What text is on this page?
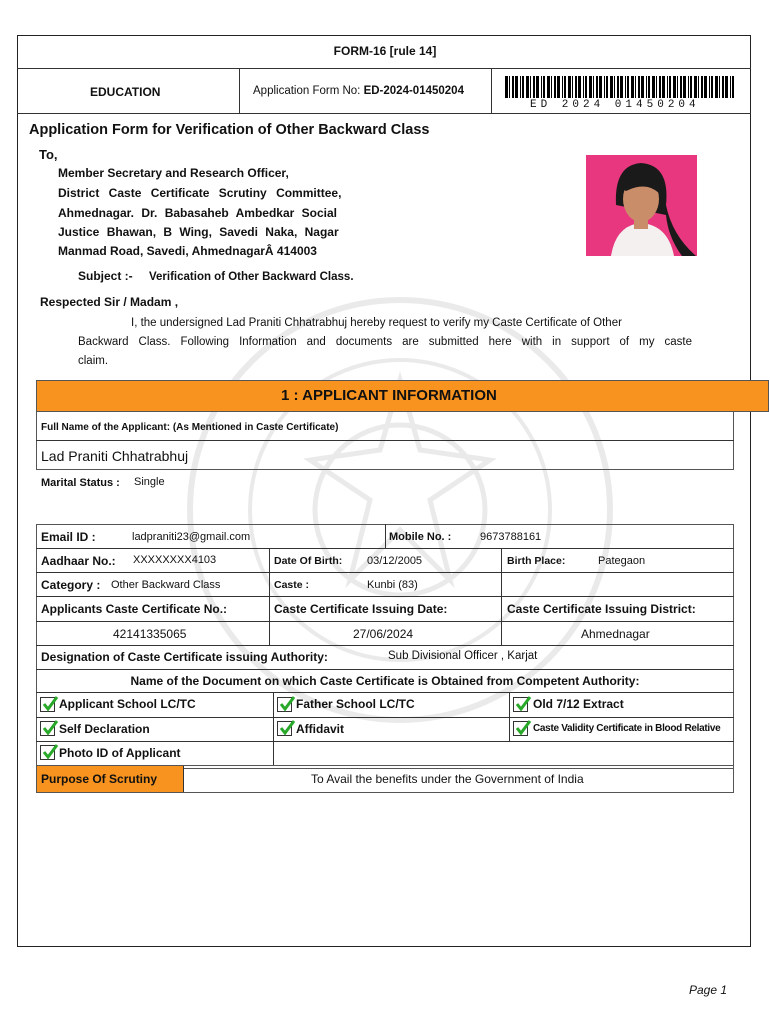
FORM-16 [rule 14]
EDUCATION	Application Form No: ED-2024-01450204
ED 2024 01450204
Application Form for Verification of Other Backward Class
To,
Member Secretary and Research Officer,
District Caste Certificate Scrutiny Committee,
Ahmednagar. Dr. Babasaheb Ambedkar Social
Justice Bhawan, B Wing, Savedi Naka, Nagar
Manmad Road, Savedi, AhmednagarÂ 414003
Subject :- Verification of Other Backward Class.
Respected Sir / Madam ,
I, the undersigned Lad Praniti Chhatrabhuj hereby request to verify my Caste Certificate of Other
Backward Class. Following Information and documents are submitted here with in support of my caste
claim.
1 : APPLICANT INFORMATION
Full Name of the Applicant: (As Mentioned in Caste Certificate)
Lad Praniti Chhatrabhuj
Marital Status : Single
Email ID :	ladpraniti23@gmail.com	Mobile No. :	9673788161
Aadhaar No.: XXXXXXXX4103	Date Of Birth: 03/12/2005	Birth Place:	Pategaon
Category : Other Backward Class	Caste :	Kunbi (83)
Applicants Caste Certificate No.:	Caste Certificate Issuing Date:	Caste Certificate Issuing District:
42141335065	27/06/2024	Ahmednagar
Designation of Caste Certificate issuing Authority:	Sub Divisional Officer , Karjat
Name of the Document on which Caste Certificate is Obtained from Competent Authority:
Applicant School LC/TC	Father School LC/TC	Old 7/12 Extract
Self Declaration	Affidavit	Caste Validity Certificate in Blood Relative
Photo ID of Applicant
Purpose Of Scrutiny	To Avail the benefits under the Government of India
Page 1
